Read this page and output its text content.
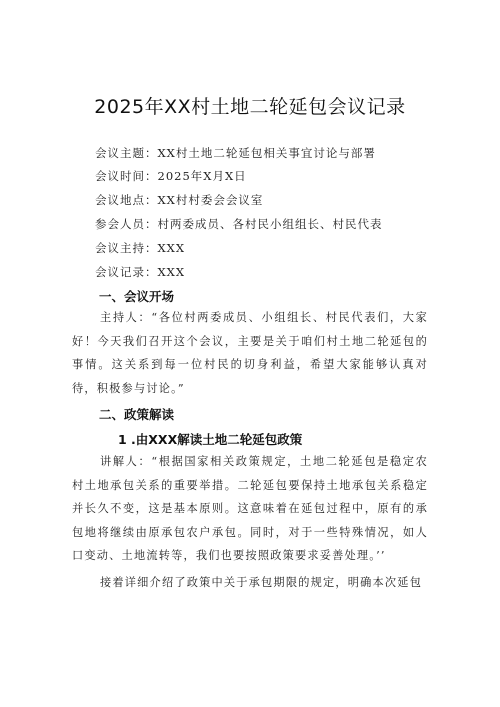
2025年XX村土地二轮延包会议记录
会议主题：XX村土地二轮延包相关事宜讨论与部署
会议时间：2025年X月X日
会议地点：XX村村委会会议室
参会人员：村两委成员、各村民小组组长、村民代表
会议主持：XXX
会议记录：XXX
一、会议开场
主持人：“各位村两委成员、小组组长、村民代表们，大家好！今天我们召开这个会议，主要是关于咱们村土地二轮延包的事情。这关系到每一位村民的切身利益，希望大家能够认真对待，积极参与讨论。”
二、政策解读
1 .由XXX解读土地二轮延包政策
讲解人：“根据国家相关政策规定，土地二轮延包是稳定农村土地承包关系的重要举措。二轮延包要保持土地承包关系稳定并长久不变，这是基本原则。这意味着在延包过程中，原有的承包地将继续由原承包农户承包。同时，对于一些特殊情况，如人口变动、土地流转等，我们也要按照政策要求妥善处理。’’
接着详细介绍了政策中关于承包期限的规定，明确本次延包
